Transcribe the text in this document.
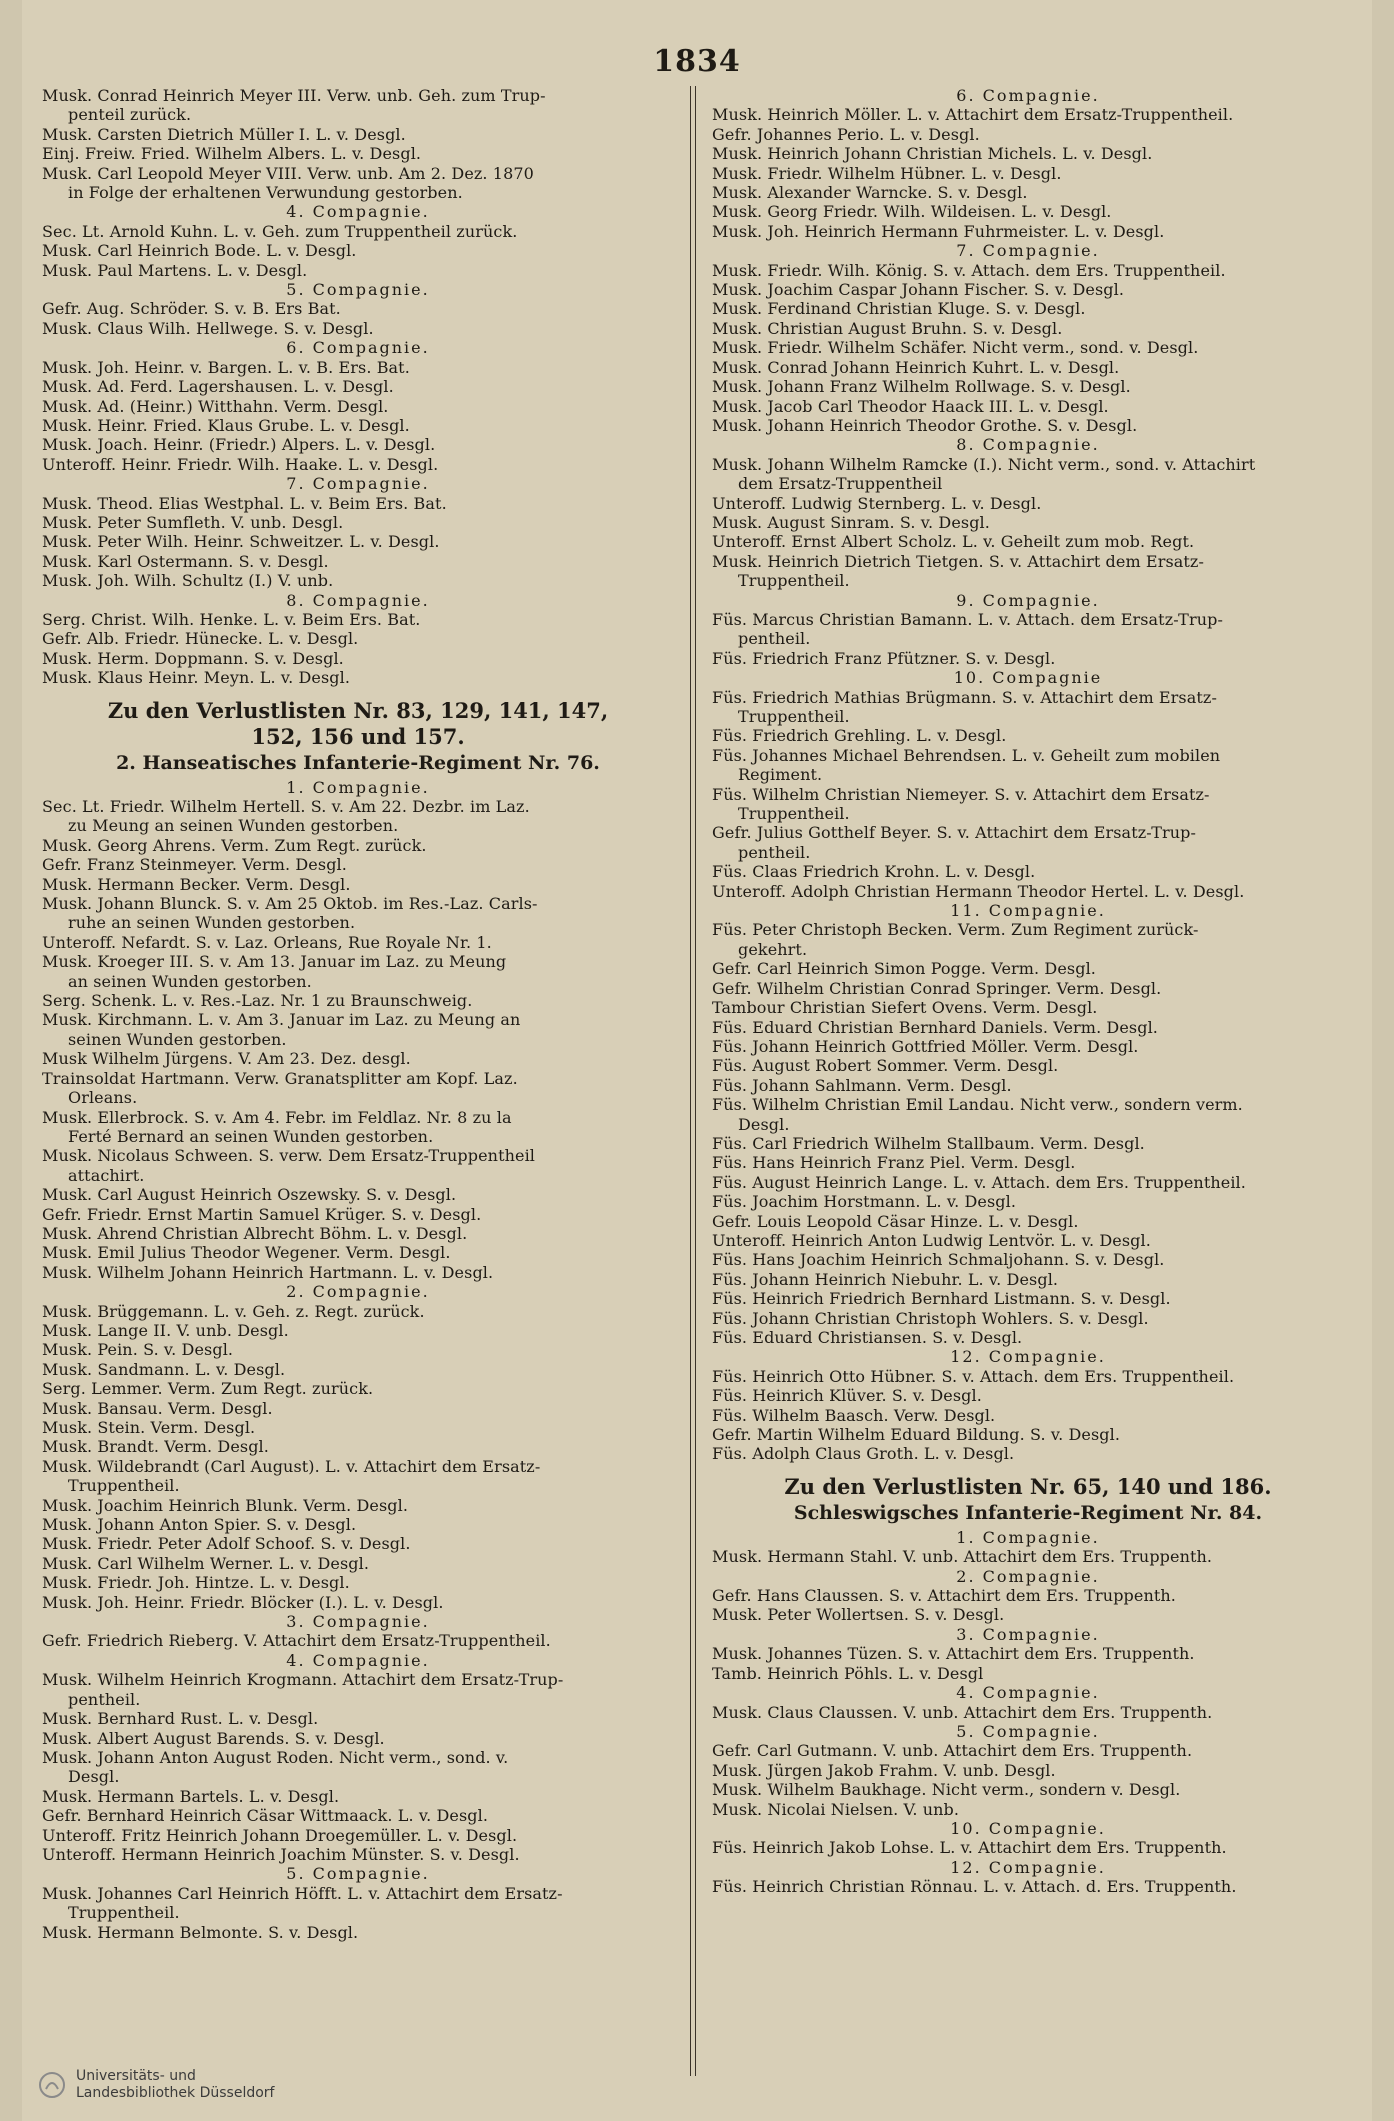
1834
Musk. Conrad Heinrich Meyer III. Verw. unb. Geh. zum Trup-
penteil zurück.
Musk. Carsten Dietrich Müller I. L. v. Desgl.
Einj. Freiw. Fried. Wilhelm Albers. L. v. Desgl.
Musk. Carl Leopold Meyer VIII. Verw. unb. Am 2. Dez. 1870
in Folge der erhaltenen Verwundung gestorben.
4. Compagnie.
Sec. Lt. Arnold Kuhn. L. v. Geh. zum Truppentheil zurück.
Musk. Carl Heinrich Bode. L. v. Desgl.
Musk. Paul Martens. L. v. Desgl.
5. Compagnie.
Gefr. Aug. Schröder. S. v. B. Ers Bat.
Musk. Claus Wilh. Hellwege. S. v. Desgl.
6. Compagnie.
Musk. Joh. Heinr. v. Bargen. L. v. B. Ers. Bat.
Musk. Ad. Ferd. Lagershausen. L. v. Desgl.
Musk. Ad. (Heinr.) Witthahn. Verm. Desgl.
Musk. Heinr. Fried. Klaus Grube. L. v. Desgl.
Musk. Joach. Heinr. (Friedr.) Alpers. L. v. Desgl.
Unteroff. Heinr. Friedr. Wilh. Haake. L. v. Desgl.
7. Compagnie.
Musk. Theod. Elias Westphal. L. v. Beim Ers. Bat.
Musk. Peter Sumfleth. V. unb. Desgl.
Musk. Peter Wilh. Heinr. Schweitzer. L. v. Desgl.
Musk. Karl Ostermann. S. v. Desgl.
Musk. Joh. Wilh. Schultz (I.) V. unb.
8. Compagnie.
Serg. Christ. Wilh. Henke. L. v. Beim Ers. Bat.
Gefr. Alb. Friedr. Hünecke. L. v. Desgl.
Musk. Herm. Doppmann. S. v. Desgl.
Musk. Klaus Heinr. Meyn. L. v. Desgl.
Zu den Verlustlisten Nr. 83, 129, 141, 147,
152, 156 und 157.
2. Hanseatisches Infanterie-Regiment Nr. 76.
1. Compagnie.
Sec. Lt. Friedr. Wilhelm Hertell. S. v. Am 22. Dezbr. im Laz.
zu Meung an seinen Wunden gestorben.
Musk. Georg Ahrens. Verm. Zum Regt. zurück.
Gefr. Franz Steinmeyer. Verm. Desgl.
Musk. Hermann Becker. Verm. Desgl.
Musk. Johann Blunck. S. v. Am 25 Oktob. im Res.-Laz. Carls-
ruhe an seinen Wunden gestorben.
Unteroff. Nefardt. S. v. Laz. Orleans, Rue Royale Nr. 1.
Musk. Kroeger III. S. v. Am 13. Januar im Laz. zu Meung
an seinen Wunden gestorben.
Serg. Schenk. L. v. Res.-Laz. Nr. 1 zu Braunschweig.
Musk. Kirchmann. L. v. Am 3. Januar im Laz. zu Meung an
seinen Wunden gestorben.
Musk Wilhelm Jürgens. V. Am 23. Dez. desgl.
Trainsoldat Hartmann. Verw. Granatsplitter am Kopf. Laz.
Orleans.
Musk. Ellerbrock. S. v. Am 4. Febr. im Feldlaz. Nr. 8 zu la
Ferté Bernard an seinen Wunden gestorben.
Musk. Nicolaus Schween. S. verw. Dem Ersatz-Truppentheil
attachirt.
Musk. Carl August Heinrich Oszewsky. S. v. Desgl.
Gefr. Friedr. Ernst Martin Samuel Krüger. S. v. Desgl.
Musk. Ahrend Christian Albrecht Böhm. L. v. Desgl.
Musk. Emil Julius Theodor Wegener. Verm. Desgl.
Musk. Wilhelm Johann Heinrich Hartmann. L. v. Desgl.
2. Compagnie.
Musk. Brüggemann. L. v. Geh. z. Regt. zurück.
Musk. Lange II. V. unb. Desgl.
Musk. Pein. S. v. Desgl.
Musk. Sandmann. L. v. Desgl.
Serg. Lemmer. Verm. Zum Regt. zurück.
Musk. Bansau. Verm. Desgl.
Musk. Stein. Verm. Desgl.
Musk. Brandt. Verm. Desgl.
Musk. Wildebrandt (Carl August). L. v. Attachirt dem Ersatz-
Truppentheil.
Musk. Joachim Heinrich Blunk. Verm. Desgl.
Musk. Johann Anton Spier. S. v. Desgl.
Musk. Friedr. Peter Adolf Schoof. S. v. Desgl.
Musk. Carl Wilhelm Werner. L. v. Desgl.
Musk. Friedr. Joh. Hintze. L. v. Desgl.
Musk. Joh. Heinr. Friedr. Blöcker (I.). L. v. Desgl.
3. Compagnie.
Gefr. Friedrich Rieberg. V. Attachirt dem Ersatz-Truppentheil.
4. Compagnie.
Musk. Wilhelm Heinrich Krogmann. Attachirt dem Ersatz-Trup-
pentheil.
Musk. Bernhard Rust. L. v. Desgl.
Musk. Albert August Barends. S. v. Desgl.
Musk. Johann Anton August Roden. Nicht verm., sond. v.
Desgl.
Musk. Hermann Bartels. L. v. Desgl.
Gefr. Bernhard Heinrich Cäsar Wittmaack. L. v. Desgl.
Unteroff. Fritz Heinrich Johann Droegemüller. L. v. Desgl.
Unteroff. Hermann Heinrich Joachim Münster. S. v. Desgl.
5. Compagnie.
Musk. Johannes Carl Heinrich Höfft. L. v. Attachirt dem Ersatz-
Truppentheil.
Musk. Hermann Belmonte. S. v. Desgl.
6. Compagnie.
Musk. Heinrich Möller. L. v. Attachirt dem Ersatz-Truppentheil.
Gefr. Johannes Perio. L. v. Desgl.
Musk. Heinrich Johann Christian Michels. L. v. Desgl.
Musk. Friedr. Wilhelm Hübner. L. v. Desgl.
Musk. Alexander Warncke. S. v. Desgl.
Musk. Georg Friedr. Wilh. Wildeisen. L. v. Desgl.
Musk. Joh. Heinrich Hermann Fuhrmeister. L. v. Desgl.
7. Compagnie.
Musk. Friedr. Wilh. König. S. v. Attach. dem Ers. Truppentheil.
Musk. Joachim Caspar Johann Fischer. S. v. Desgl.
Musk. Ferdinand Christian Kluge. S. v. Desgl.
Musk. Christian August Bruhn. S. v. Desgl.
Musk. Friedr. Wilhelm Schäfer. Nicht verm., sond. v. Desgl.
Musk. Conrad Johann Heinrich Kuhrt. L. v. Desgl.
Musk. Johann Franz Wilhelm Rollwage. S. v. Desgl.
Musk. Jacob Carl Theodor Haack III. L. v. Desgl.
Musk. Johann Heinrich Theodor Grothe. S. v. Desgl.
8. Compagnie.
Musk. Johann Wilhelm Ramcke (I.). Nicht verm., sond. v. Attachirt
dem Ersatz-Truppentheil
Unteroff. Ludwig Sternberg. L. v. Desgl.
Musk. August Sinram. S. v. Desgl.
Unteroff. Ernst Albert Scholz. L. v. Geheilt zum mob. Regt.
Musk. Heinrich Dietrich Tietgen. S. v. Attachirt dem Ersatz-
Truppentheil.
9. Compagnie.
Füs. Marcus Christian Bamann. L. v. Attach. dem Ersatz-Trup-
pentheil.
Füs. Friedrich Franz Pfützner. S. v. Desgl.
10. Compagnie
Füs. Friedrich Mathias Brügmann. S. v. Attachirt dem Ersatz-
Truppentheil.
Füs. Friedrich Grehling. L. v. Desgl.
Füs. Johannes Michael Behrendsen. L. v. Geheilt zum mobilen
Regiment.
Füs. Wilhelm Christian Niemeyer. S. v. Attachirt dem Ersatz-
Truppentheil.
Gefr. Julius Gotthelf Beyer. S. v. Attachirt dem Ersatz-Trup-
pentheil.
Füs. Claas Friedrich Krohn. L. v. Desgl.
Unteroff. Adolph Christian Hermann Theodor Hertel. L. v. Desgl.
11. Compagnie.
Füs. Peter Christoph Becken. Verm. Zum Regiment zurück-
gekehrt.
Gefr. Carl Heinrich Simon Pogge. Verm. Desgl.
Gefr. Wilhelm Christian Conrad Springer. Verm. Desgl.
Tambour Christian Siefert Ovens. Verm. Desgl.
Füs. Eduard Christian Bernhard Daniels. Verm. Desgl.
Füs. Johann Heinrich Gottfried Möller. Verm. Desgl.
Füs. August Robert Sommer. Verm. Desgl.
Füs. Johann Sahlmann. Verm. Desgl.
Füs. Wilhelm Christian Emil Landau. Nicht verw., sondern verm.
Desgl.
Füs. Carl Friedrich Wilhelm Stallbaum. Verm. Desgl.
Füs. Hans Heinrich Franz Piel. Verm. Desgl.
Füs. August Heinrich Lange. L. v. Attach. dem Ers. Truppentheil.
Füs. Joachim Horstmann. L. v. Desgl.
Gefr. Louis Leopold Cäsar Hinze. L. v. Desgl.
Unteroff. Heinrich Anton Ludwig Lentvör. L. v. Desgl.
Füs. Hans Joachim Heinrich Schmaljohann. S. v. Desgl.
Füs. Johann Heinrich Niebuhr. L. v. Desgl.
Füs. Heinrich Friedrich Bernhard Listmann. S. v. Desgl.
Füs. Johann Christian Christoph Wohlers. S. v. Desgl.
Füs. Eduard Christiansen. S. v. Desgl.
12. Compagnie.
Füs. Heinrich Otto Hübner. S. v. Attach. dem Ers. Truppentheil.
Füs. Heinrich Klüver. S. v. Desgl.
Füs. Wilhelm Baasch. Verw. Desgl.
Gefr. Martin Wilhelm Eduard Bildung. S. v. Desgl.
Füs. Adolph Claus Groth. L. v. Desgl.
Zu den Verlustlisten Nr. 65, 140 und 186.
Schleswigsches Infanterie-Regiment Nr. 84.
1. Compagnie.
Musk. Hermann Stahl. V. unb. Attachirt dem Ers. Truppenth.
2. Compagnie.
Gefr. Hans Claussen. S. v. Attachirt dem Ers. Truppenth.
Musk. Peter Wollertsen. S. v. Desgl.
3. Compagnie.
Musk. Johannes Tüzen. S. v. Attachirt dem Ers. Truppenth.
Tamb. Heinrich Pöhls. L. v. Desgl
4. Compagnie.
Musk. Claus Claussen. V. unb. Attachirt dem Ers. Truppenth.
5. Compagnie.
Gefr. Carl Gutmann. V. unb. Attachirt dem Ers. Truppenth.
Musk. Jürgen Jakob Frahm. V. unb. Desgl.
Musk. Wilhelm Baukhage. Nicht verm., sondern v. Desgl.
Musk. Nicolai Nielsen. V. unb.
10. Compagnie.
Füs. Heinrich Jakob Lohse. L. v. Attachirt dem Ers. Truppenth.
12. Compagnie.
Füs. Heinrich Christian Rönnau. L. v. Attach. d. Ers. Truppenth.
Universitäts- und
Landesbibliothek Düsseldorf
